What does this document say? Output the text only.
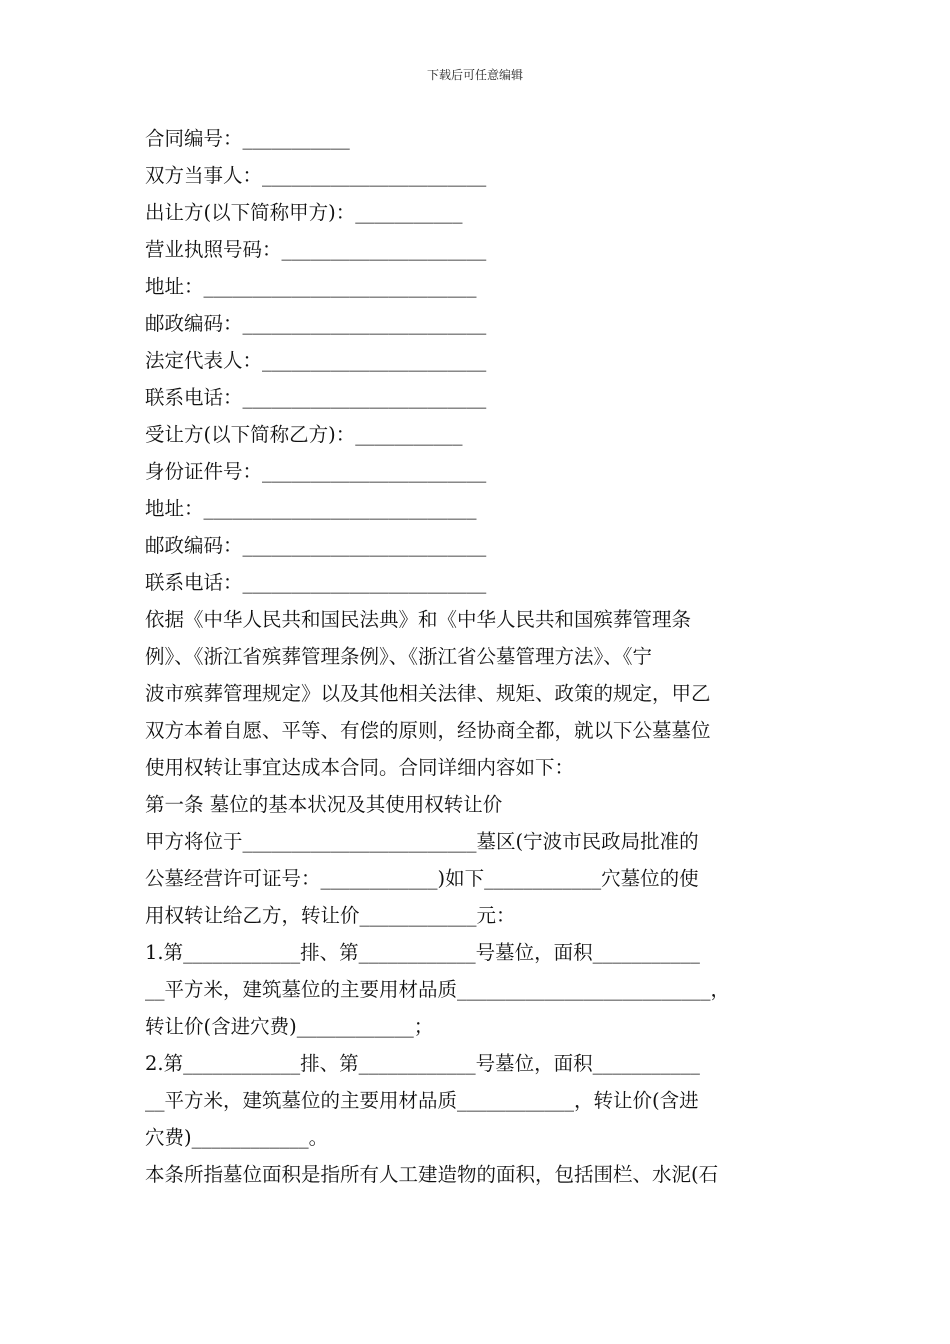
下载后可任意编辑
合同编号：___________
双方当事人：_______________________
出让方(以下简称甲方)：___________
营业执照号码：_____________________
地址：____________________________
邮政编码：_________________________
法定代表人：_______________________
联系电话：_________________________
受让方(以下简称乙方)：___________
身份证件号：_______________________
地址：____________________________
邮政编码：_________________________
联系电话：_________________________
依据《中华人民共和国民法典》和《中华人民共和国殡葬管理条
例》、《浙江省殡葬管理条例》、《浙江省公墓管理方法》、《宁
波市殡葬管理规定》以及其他相关法律、规矩、政策的规定，甲乙
双方本着自愿、平等、有偿的原则，经协商全都，就以下公墓墓位
使用权转让事宜达成本合同。合同详细内容如下：
第一条 墓位的基本状况及其使用权转让价
甲方将位于________________________墓区(宁波市民政局批准的
公墓经营许可证号：____________)如下____________穴墓位的使
用权转让给乙方，转让价____________元：
1.第____________排、第____________号墓位，面积___________
__平方米，建筑墓位的主要用材品质__________________________，
转让价(含进穴费)____________；
2.第____________排、第____________号墓位，面积___________
__平方米，建筑墓位的主要用材品质____________，转让价(含进
穴费)____________。
本条所指墓位面积是指所有人工建造物的面积，包括围栏、水泥(石
